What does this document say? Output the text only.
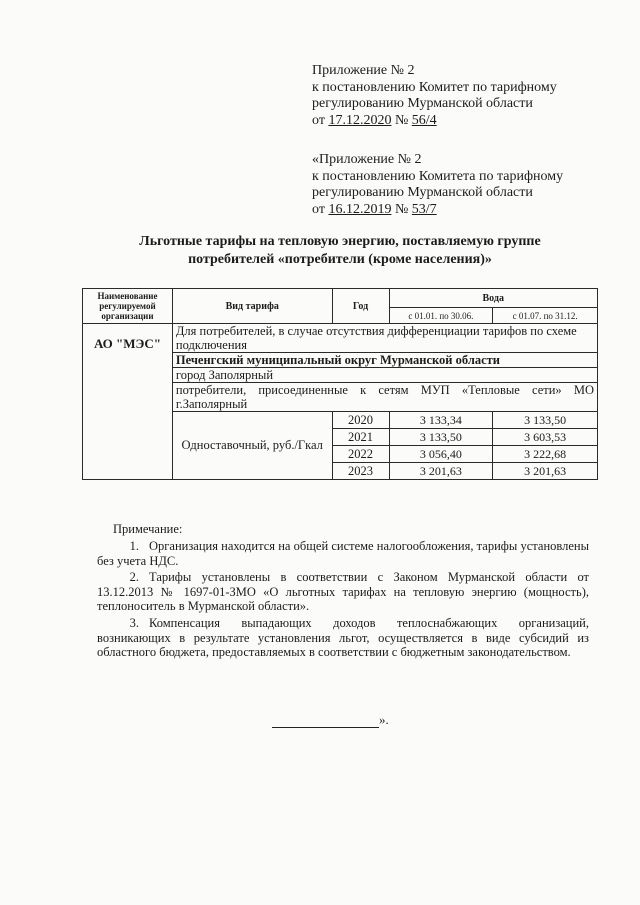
Приложение № 2
к постановлению Комитет по тарифному
регулированию Мурманской области
от 17.12.2020 № 56/4
«Приложение № 2
к постановлению Комитета по тарифному
регулированию Мурманской области
от 16.12.2019 № 53/7
Льготные тарифы на тепловую энергию, поставляемую группе
потребителей «потребители (кроме населения)»
Наименование регулируемой организации	Вид тарифа	Год	Вода	
			с 01.01. по 30.06.	с 01.07. по 31.12.
АО "МЭС"	Для потребителей, в случае отсутствия дифференциации тарифов по схеме подключения			
	Печенгский муниципальный округ Мурманской области			
	город Заполярный			
	потребители, присоединенные к сетям МУП «Тепловые сети» МО г.Заполярный			
	Одноставочный, руб./Гкал	2020	3 133,34	3 133,50
		2021	3 133,50	3 603,53
		2022	3 056,40	3 222,68
		2023	3 201,63	3 201,63
Примечание:
1. Организация находится на общей системе налогообложения, тарифы установлены без учета НДС.
2. Тарифы установлены в соответствии с Законом Мурманской области от 13.12.2013 № 1697-01-ЗМО «О льготных тарифах на тепловую энергию (мощность), теплоноситель в Мурманской области».
3. Компенсация выпадающих доходов теплоснабжающих организаций, возникающих в результате установления льгот, осуществляется в виде субсидий из областного бюджета, предоставляемых в соответствии с бюджетным законодательством.
».
